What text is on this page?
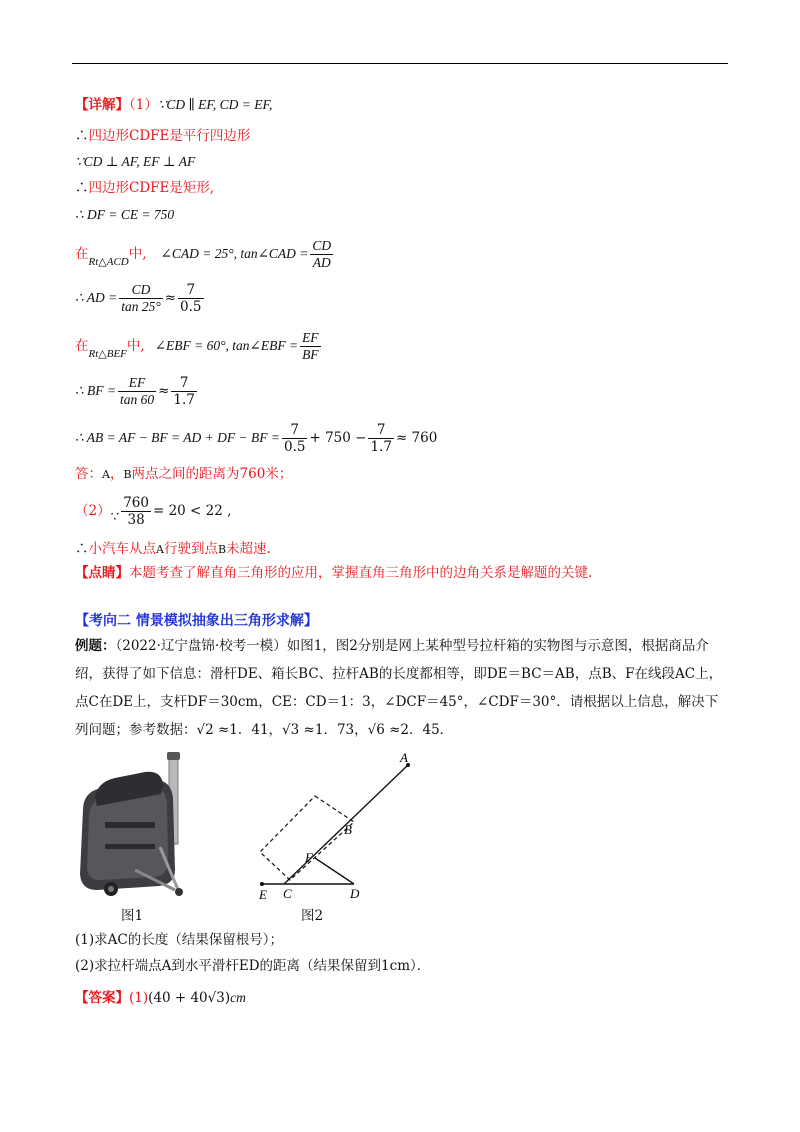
【详解】（1）∵CD ∥ EF, CD = EF,
∴四边形CDFE是平行四边形
∵CD ⊥ AF, EF ⊥ AF
∴四边形CDFE是矩形,
∴ DF = CE = 750
在 Rt△ACD 中, ∠CAD = 25°, tan∠CAD = $\frac{CD}{AD}$
∴ AD = $\frac{CD}{\tan 25^\circ} \approx \frac{7}{0.5}$
在 Rt△BEF 中, ∠EBF = 60°, tan∠EBF = $\frac{EF}{BF}$
∴ BF = $\frac{EF}{\tan 60} \approx \frac{7}{1.7}$
∴ AB = AF − BF = AD + DF − BF = $\frac{7}{0.5} + 750 - \frac{7}{1.7} \approx 760$
答：A，B两点之间的距离为760米；
（2） ∵ $\frac{760}{38} = 20 < 22$ ,
∴小汽车从点A行驶到点B未超速.
【点睛】本题考查了解直角三角形的应用，掌握直角三角形中的边角关系是解题的关键.
【考向二 情景模拟抽象出三角形求解】
例题：（2022·辽宁盘锦·校考一模）如图1，图2分别是网上某种型号拉杆箱的实物图与示意图，根据商品介绍，获得了如下信息：滑杆DE、箱长BC、拉杆AB的长度都相等，即DE＝BC＝AB，点B、F在线段AC上，点C在DE上，支杆DF＝30cm，CE：CD＝1：3，∠DCF＝45°，∠CDF＝30°．请根据以上信息，解决下列问题；参考数据：√2 ≈1．41，√3 ≈1．73，√6 ≈2．45．
图1
A
B
F
E C	D
图2
(1)求AC的长度（结果保留根号）；
(2)求拉杆端点A到水平滑杆ED的距离（结果保留到1cm）．
【答案】(1)(40 + 40√3)cm
